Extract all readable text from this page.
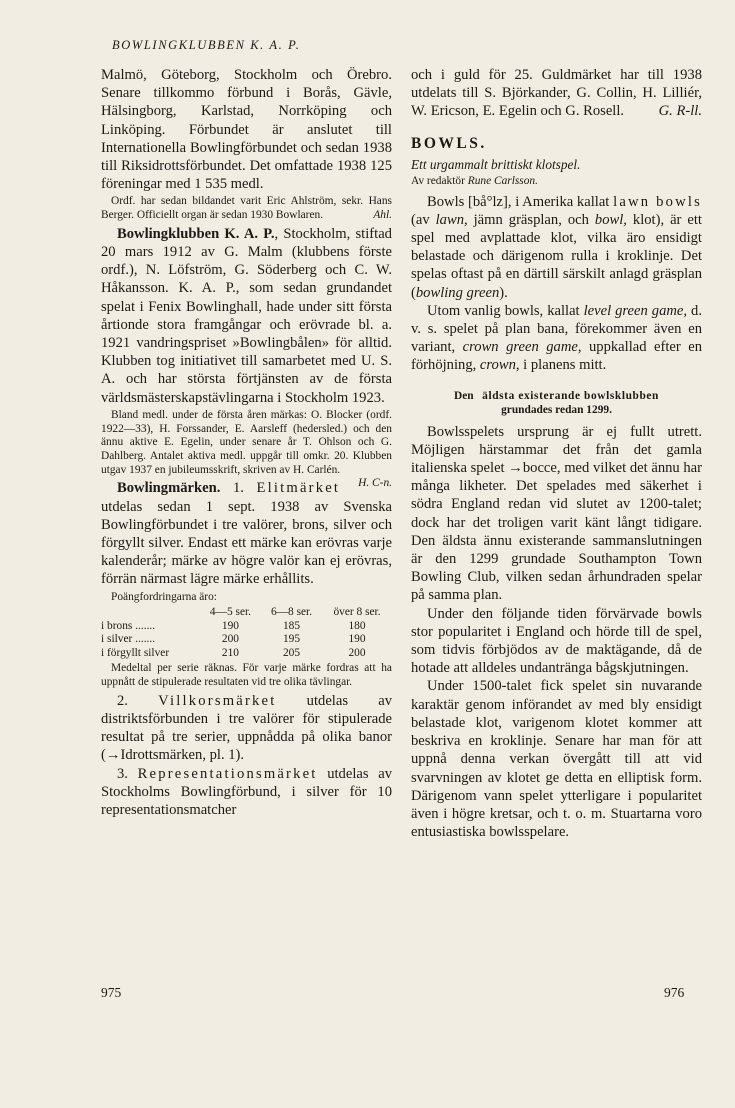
BOWLINGKLUBBEN K. A. P.

Malmö, Göteborg, Stockholm och Örebro. Senare tillkommo förbund i Borås, Gävle, Hälsingborg, Karlstad, Norrköping och Linköping. Förbundet är anslutet till Internationella Bowlingförbundet och sedan 1938 till Riksidrottsförbundet. Det omfattade 1938 125 föreningar med 1 535 medl.

Ordf. har sedan bildandet varit Eric Ahlström, sekr. Hans Berger. Officiellt organ är sedan 1930 Bowlaren.	Ahl.

Bowlingklubben K. A. P., Stockholm, stiftad 20 mars 1912 av G. Malm (klubbens förste ordf.), N. Löfström, G. Söderberg och C. W. Håkansson. K. A. P., som sedan grundandet spelat i Fenix Bowlinghall, hade under sitt första årtionde stora framgångar och erövrade bl. a. 1921 vandringspriset »Bowlingbålen» för alltid. Klubben tog initiativet till samarbetet med U. S. A. och har största förtjänsten av de första världsmästerskapstävlingarna i Stockholm 1923.

Bland medl. under de första åren märkas: O. Blocker (ordf. 1922—33), H. Forssander, E. Aarsleff (hedersled.) och den ännu aktive E. Egelin, under senare år T. Ohlson och G. Dahlberg. Antalet aktiva medl. uppgår till omkr. 20. Klubben utgav 1937 en jubileumsskrift, skriven av H. Carlén.
H. C-n.

Bowlingmärken. 1. Elitmärket utdelas sedan 1 sept. 1938 av Svenska Bowlingförbundet i tre valörer, brons, silver och förgyllt silver. Endast ett märke kan erövras varje kalenderår; märke av högre valör kan ej erövras, förrän närmast lägre märke erhållits.

Poängfordringarna äro:

	4—5 ser.	6—8 ser.	över 8 ser.
i brons .......	190	185	180
i silver .......	200	195	190
i förgyllt silver	210	205	200

Medeltal per serie räknas. För varje märke fordras att ha uppnått de stipulerade resultaten vid tre olika tävlingar.

2. Villkorsmärket utdelas av distriktsförbunden i tre valörer för stipulerade resultat på tre serier, uppnådda på olika banor (→Idrottsmärken, pl. 1).

3. Representationsmärket utdelas av Stockholms Bowlingförbund, i silver för 10 representationsmatcher

975

och i guld för 25. Guldmärket har till 1938 utdelats till S. Björkander, G. Collin, H. Lilliér, W. Ericson, E. Egelin och G. Rosell. G. R-ll.

BOWLS.
Ett urgammalt brittiskt klotspel.
Av redaktör Rune Carlsson.

Bowls [bå°lz], i Amerika kallat lawn bowls (av lawn, jämn gräsplan, och bowl, klot), är ett spel med avplattade klot, vilka äro ensidigt belastade och därigenom rulla i kroklinje. Det spelas oftast på en därtill särskilt anlagd gräsplan (bowling green).

Utom vanlig bowls, kallat level green game, d. v. s. spelet på plan bana, förekommer även en variant, crown green game, uppkallad efter en förhöjning, crown, i planens mitt.

Den äldsta existerande bowlsklubben
grundades redan 1299.

Bowlsspelets ursprung är ej fullt utrett. Möjligen härstammar det från det gamla italienska spelet →bocce, med vilket det ännu har många likheter. Det spelades med säkerhet i södra England redan vid slutet av 1200-talet; dock har det troligen varit känt långt tidigare. Den äldsta ännu existerande sammanslutningen är den 1299 grundade Southampton Town Bowling Club, vilken sedan århundraden spelar på samma plan.

Under den följande tiden förvärvade bowls stor popularitet i England och hörde till de spel, som tidvis förbjödos av de maktägande, då de hotade att alldeles undantränga bågskjutningen.

Under 1500-talet fick spelet sin nuvarande karaktär genom införandet av med bly ensidigt belastade klot, varigenom klotet kommer att beskriva en kroklinje. Senare har man för att uppnå denna verkan övergått till att vid svarvningen av klotet ge detta en elliptisk form. Därigenom vann spelet ytterligare i popularitet även i högre kretsar, och t. o. m. Stuartarna voro entusiastiska bowlsspelare.

976
